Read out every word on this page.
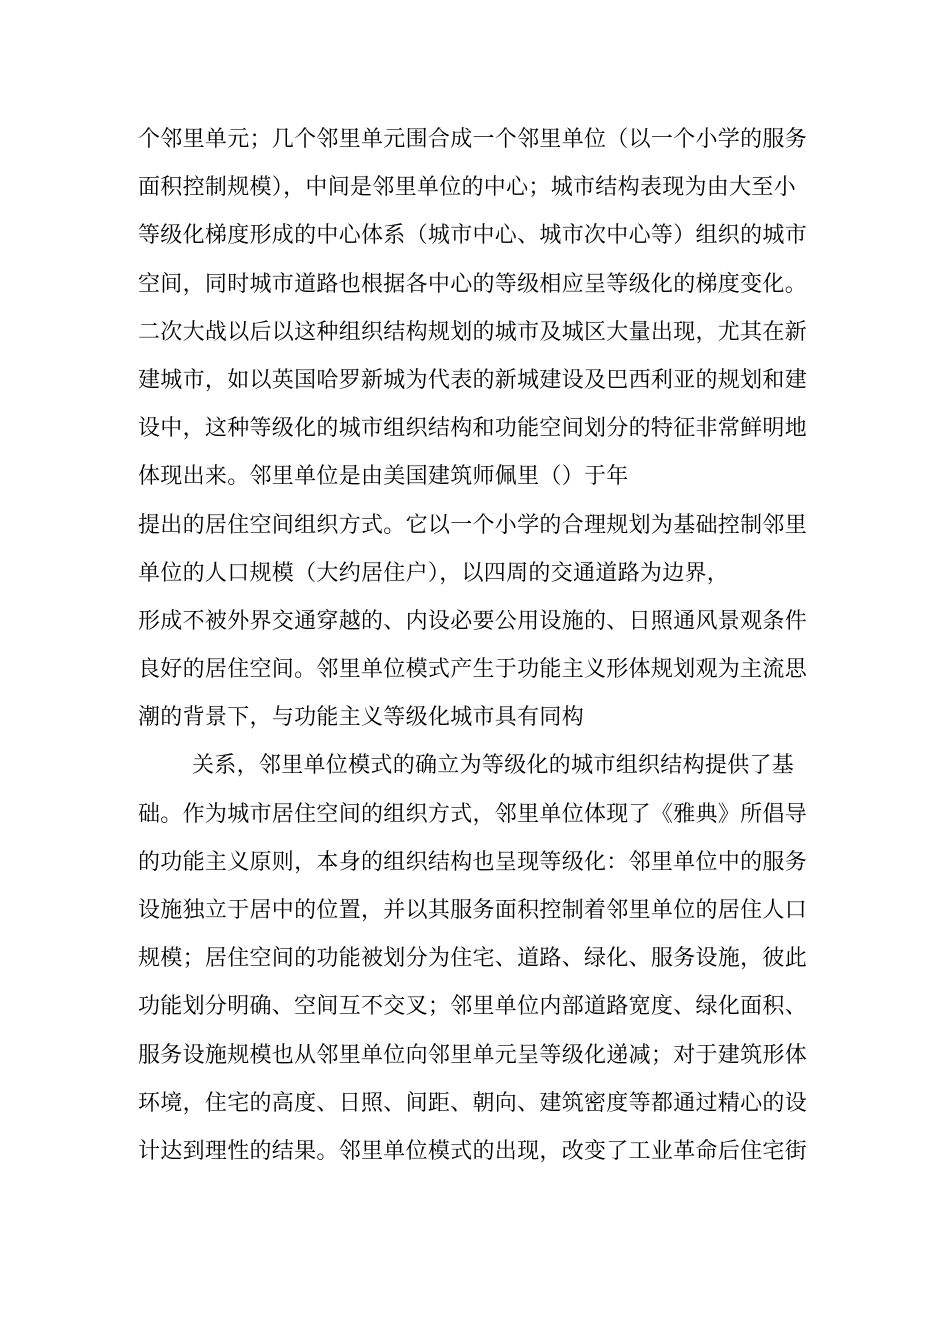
个邻里单元；几个邻里单元围合成一个邻里单位（以一个小学的服务
面积控制规模），中间是邻里单位的中心；城市结构表现为由大至小
等级化梯度形成的中心体系（城市中心、城市次中心等）组织的城市
空间，同时城市道路也根据各中心的等级相应呈等级化的梯度变化。
二次大战以后以这种组织结构规划的城市及城区大量出现，尤其在新
建城市，如以英国哈罗新城为代表的新城建设及巴西利亚的规划和建
设中，这种等级化的城市组织结构和功能空间划分的特征非常鲜明地
体现出来。邻里单位是由美国建筑师佩里（）于年
提出的居住空间组织方式。它以一个小学的合理规划为基础控制邻里
单位的人口规模（大约居住户），以四周的交通道路为边界，
形成不被外界交通穿越的、内设必要公用设施的、日照通风景观条件
良好的居住空间。邻里单位模式产生于功能主义形体规划观为主流思
潮的背景下，与功能主义等级化城市具有同构
关系，邻里单位模式的确立为等级化的城市组织结构提供了基
础。作为城市居住空间的组织方式，邻里单位体现了《雅典》所倡导
的功能主义原则，本身的组织结构也呈现等级化：邻里单位中的服务
设施独立于居中的位置，并以其服务面积控制着邻里单位的居住人口
规模；居住空间的功能被划分为住宅、道路、绿化、服务设施，彼此
功能划分明确、空间互不交叉；邻里单位内部道路宽度、绿化面积、
服务设施规模也从邻里单位向邻里单元呈等级化递减；对于建筑形体
环境，住宅的高度、日照、间距、朝向、建筑密度等都通过精心的设
计达到理性的结果。邻里单位模式的出现，改变了工业革命后住宅街
